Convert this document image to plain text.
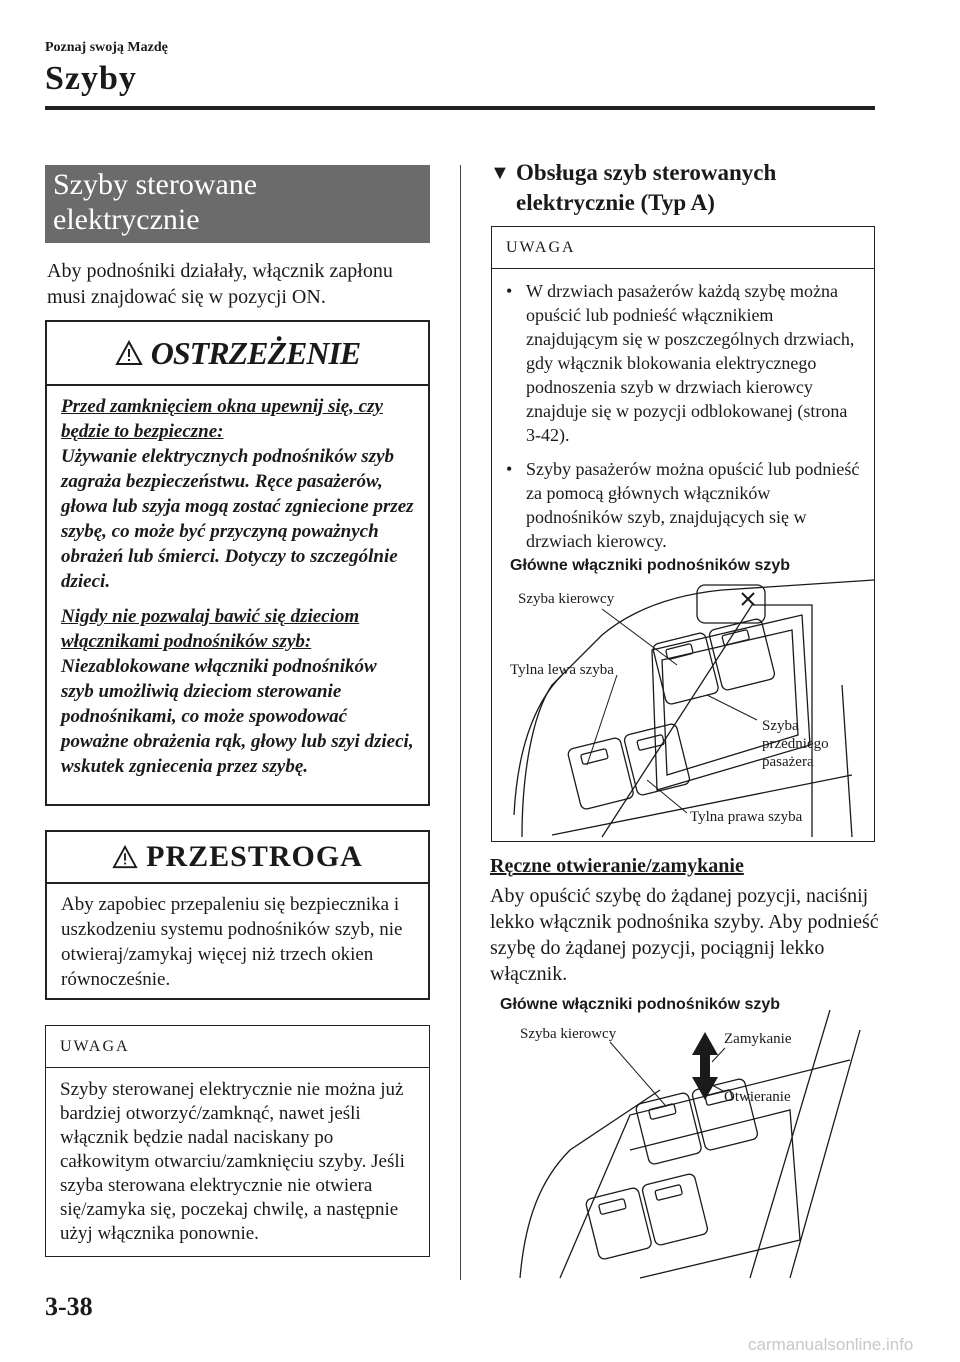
Poznaj swoją Mazdę
Szyby
Szyby sterowane
elektrycznie
Aby podnośniki działały, włącznik zapłonu musi znajdować się w pozycji ON.
OSTRZEŻENIE

Przed zamknięciem okna upewnij się, czy będzie to bezpieczne:
Używanie elektrycznych podnośników szyb zagraża bezpieczeństwu. Ręce pasażerów, głowa lub szyja mogą zostać zgniecione przez szybę, co może być przyczyną poważnych obrażeń lub śmierci. Dotyczy to szczególnie dzieci.

Nigdy nie pozwalaj bawić się dzieciom włącznikami podnośników szyb:
Niezablokowane włączniki podnośników szyb umożliwią dzieciom sterowanie podnośnikami, co może spowodować poważne obrażenia rąk, głowy lub szyi dzieci, wskutek zgniecenia przez szybę.

PRZESTROGA
Aby zapobiec przepaleniu się bezpiecznika i uszkodzeniu systemu podnośników szyb, nie otwieraj/zamykaj więcej niż trzech okien równocześnie.
UWAGA
Szyby sterowanej elektrycznie nie można już bardziej otworzyć/zamknąć, nawet jeśli włącznik będzie nadal naciskany po całkowitym otwarciu/zamknięciu szyby. Jeśli szyba sterowana elektrycznie nie otwiera się/zamyka się, poczekaj chwilę, a następnie użyj włącznika ponownie.
▼ Obsługa szyb sterowanych
elektrycznie (Typ A)
UWAGA
• W drzwiach pasażerów każdą szybę można opuścić lub podnieść włącznikiem znajdującym się w poszczególnych drzwiach, gdy włącznik blokowania elektrycznego podnoszenia szyb w drzwiach kierowcy znajduje się w pozycji odblokowanej (strona 3-42).
• Szyby pasażerów można opuścić lub podnieść za pomocą głównych włączników podnośników szyb, znajdujących się w drzwiach kierowcy.
Główne włączniki podnośników szyb
Szyba kierowcy
Tylna lewa szyba
Szyba
przedniego
pasażera
Tylna prawa szyba
Ręczne otwieranie/zamykanie
Aby opuścić szybę do żądanej pozycji, naciśnij lekko włącznik podnośnika szyby. Aby podnieść szybę do żądanej pozycji, pociągnij lekko włącznik.
Główne włączniki podnośników szyb
Szyba kierowcy	Zamykanie
Otwieranie
3-38
carmanualsonline.info
